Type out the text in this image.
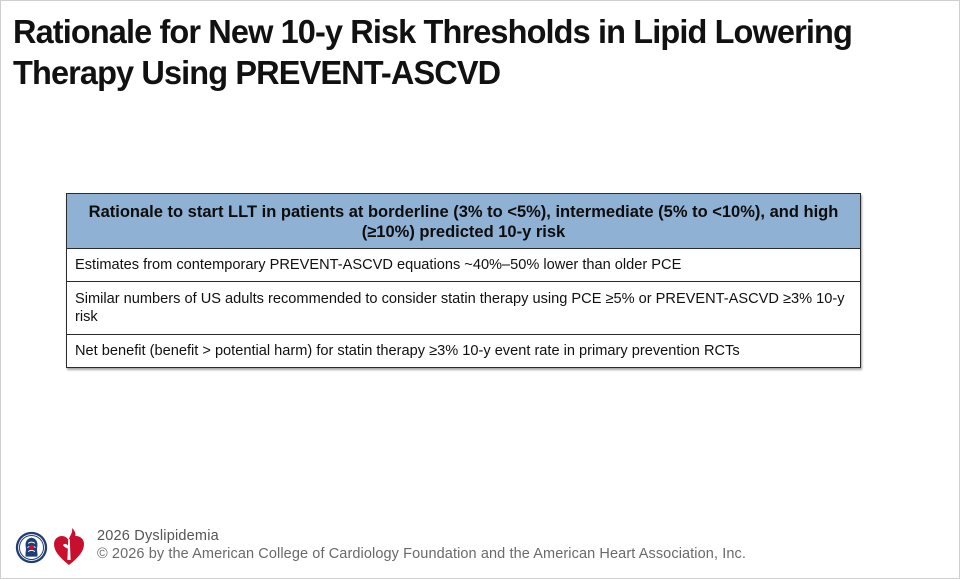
Rationale for New 10-y Risk Thresholds in Lipid Lowering Therapy Using PREVENT-ASCVD
Rationale to start LLT in patients at borderline (3% to <5%), intermediate (5% to <10%), and high (≥10%) predicted 10-y risk
Estimates from contemporary PREVENT-ASCVD equations ~40%–50% lower than older PCE
Similar numbers of US adults recommended to consider statin therapy using PCE ≥5% or PREVENT-ASCVD ≥3% 10-y risk
Net benefit (benefit > potential harm) for statin therapy ≥3% 10-y event rate in primary prevention RCTs
2026 Dyslipidemia
© 2026 by the American College of Cardiology Foundation and the American Heart Association, Inc.
